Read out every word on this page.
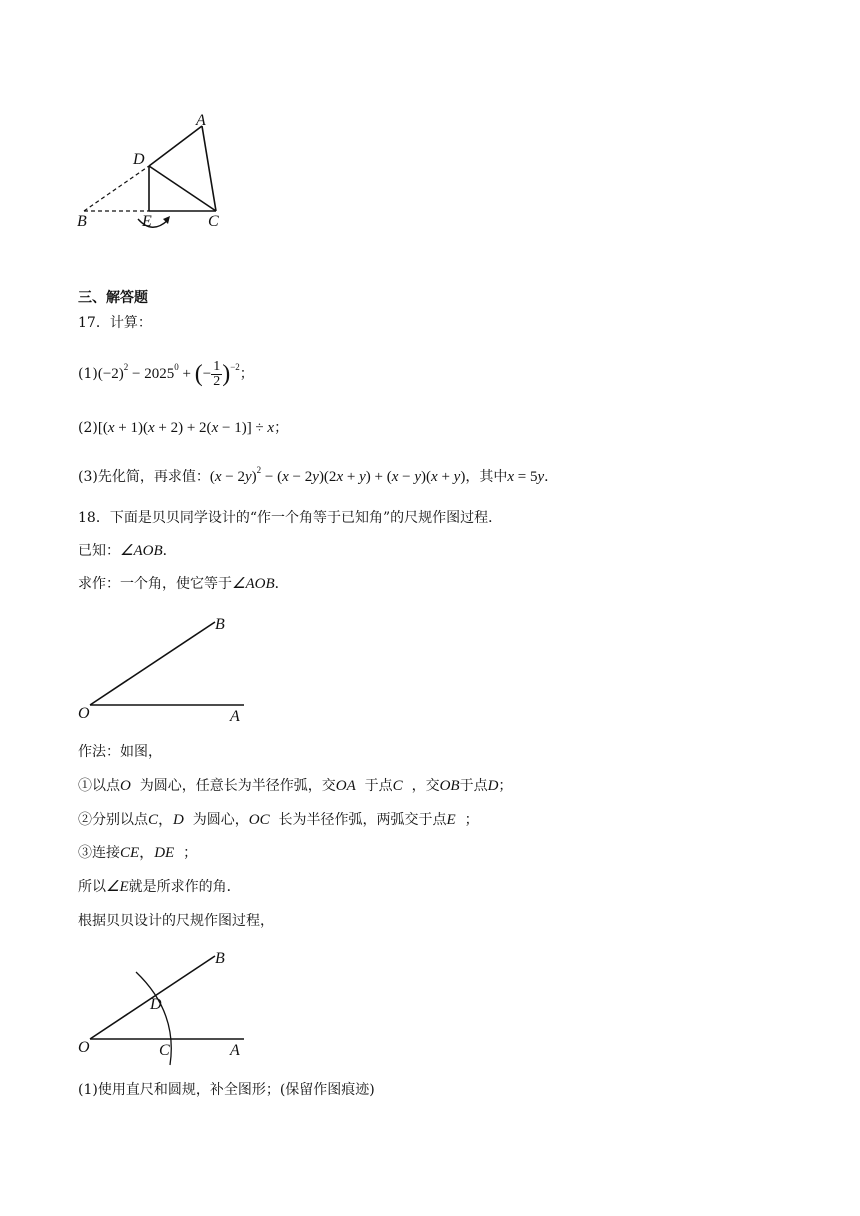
A
D
B	E	C
三、解答题
17．计算：
$(1)(-2)^2 - 2025^0$ + (− $\frac{1}{2} )^{-2}$；
(2)[(x + 1)(x + 2) + 2(x − 1)] ÷ x；
(3)先化简，再求值：$(x - 2y)^2 - (x - 2y)(2x + y) + (x - y)(x + y)$，其中x = 5y．
18．下面是贝贝同学设计的“作一个角等于已知角”的尺规作图过程．
已知：∠AOB．
求作：一个角，使它等于∠AOB．
B
O	A
作法：如图，
①以点O 为圆心，任意长为半径作弧，交OA 于点C ，交OB于点D；
②分别以点C，D 为圆心，OC 长为半径作弧，两弧交于点E ；
③连接CE，DE ；
所以∠E就是所求作的角．
根据贝贝设计的尺规作图过程，
B
D
O	C	A
(1)使用直尺和圆规，补全图形；(保留作图痕迹)
